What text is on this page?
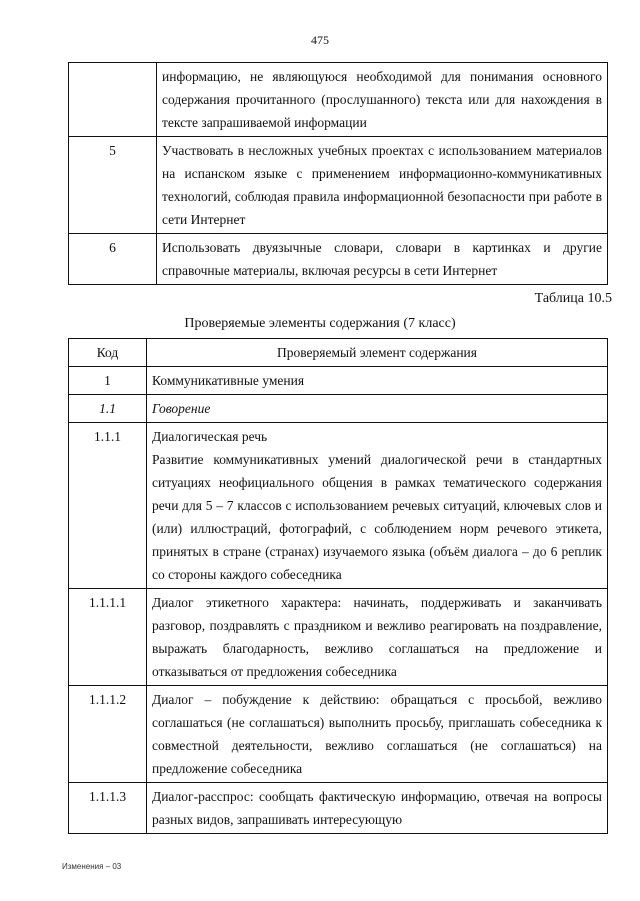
475
	информацию, не являющуюся необходимой для понимания основного содержания прочитанного (прослушанного) текста или для нахождения в тексте запрашиваемой информации
5	Участвовать в несложных учебных проектах с использованием материалов на испанском языке с применением информационно-коммуникативных технологий, соблюдая правила информационной безопасности при работе в сети Интернет
6	Использовать двуязычные словари, словари в картинках и другие справочные материалы, включая ресурсы в сети Интернет
Таблица 10.5
Проверяемые элементы содержания (7 класс)
Код	Проверяемый элемент содержания
1	Коммуникативные умения
1.1	Говорение
1.1.1	Диалогическая речь
Развитие коммуникативных умений диалогической речи в стандартных ситуациях неофициального общения в рамках тематического содержания речи для 5 – 7 классов с использованием речевых ситуаций, ключевых слов и (или) иллюстраций, фотографий, с соблюдением норм речевого этикета, принятых в стране (странах) изучаемого языка (объём диалога – до 6 реплик со стороны каждого собеседника

1.1.1.1	Диалог этикетного характера: начинать, поддерживать и заканчивать разговор, поздравлять с праздником и вежливо реагировать на поздравление, выражать благодарность, вежливо соглашаться на предложение и отказываться от предложения собеседника
1.1.1.2	Диалог – побуждение к действию: обращаться с просьбой, вежливо соглашаться (не соглашаться) выполнить просьбу, приглашать собеседника к совместной деятельности, вежливо соглашаться (не соглашаться) на предложение собеседника
1.1.1.3	Диалог-расспрос: сообщать фактическую информацию, отвечая на вопросы разных видов, запрашивать интересующую
Изменения – 03
